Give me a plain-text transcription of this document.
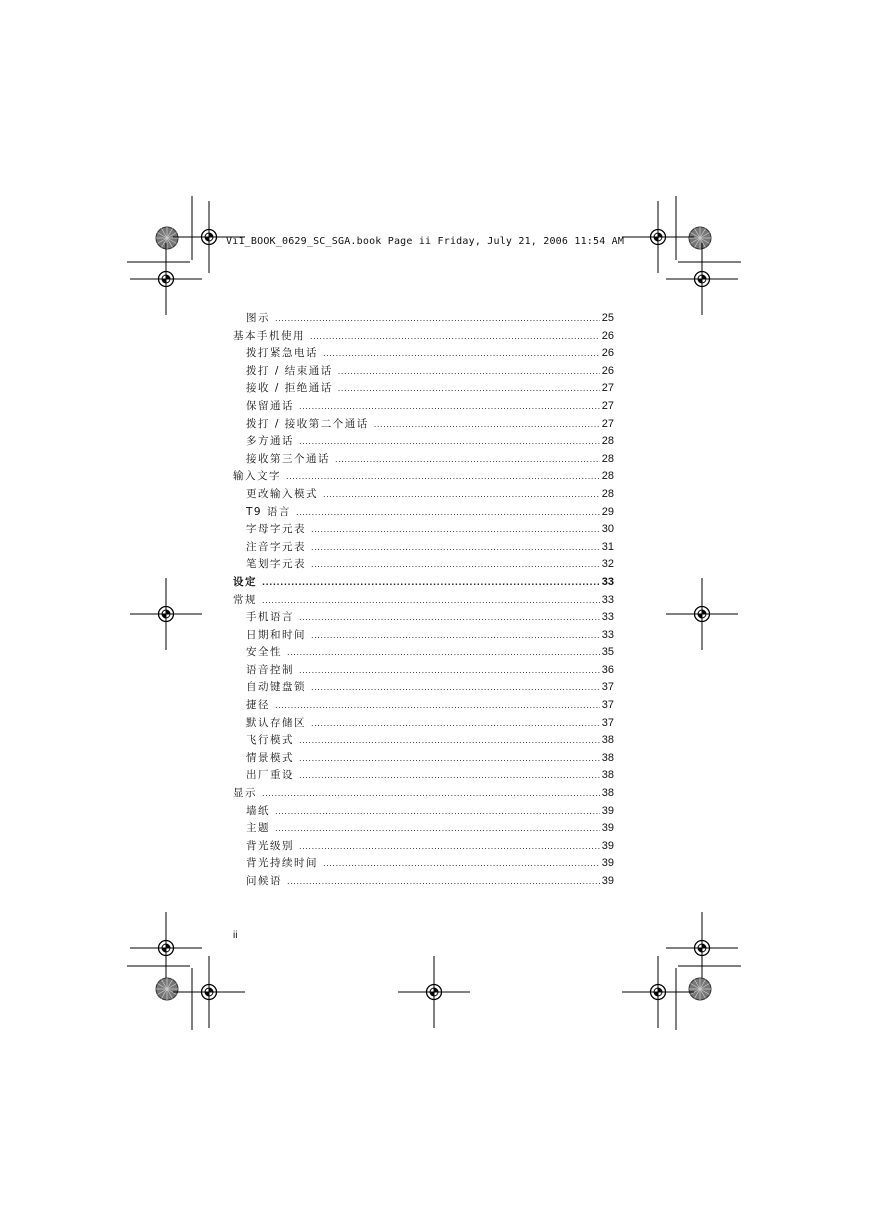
Vi1_BOOK_0629_SC_SGA.book Page ii Friday, July 21, 2006 11:54 AM
图示 .....	25
基本手机使用 .....	26
拨打紧急电话 .....	26
拨打 / 结束通话 .....	26
接收 / 拒绝通话 .....	27
保留通话 .....	27
拨打 / 接收第二个通话 .....	27
多方通话 .....	28
接收第三个通话 .....	28
输入文字 .....	28
更改输入模式 .....	28
T9 语言 .....	29
字母字元表 .....	30
注音字元表 .....	31
笔划字元表 .....	32
设定 .....	33
常规 .....	33
手机语言 .....	33
日期和时间 .....	33
安全性 .....	35
语音控制 .....	36
自动键盘锁 .....	37
捷径 .....	37
默认存储区 .....	37
飞行模式 .....	38
情景模式 .....	38
出厂重设 .....	38
显示 .....	38
墙纸 .....	39
主题 .....	39
背光级别 .....	39
背光持续时间 .....	39
问候语 .....	39
ii
